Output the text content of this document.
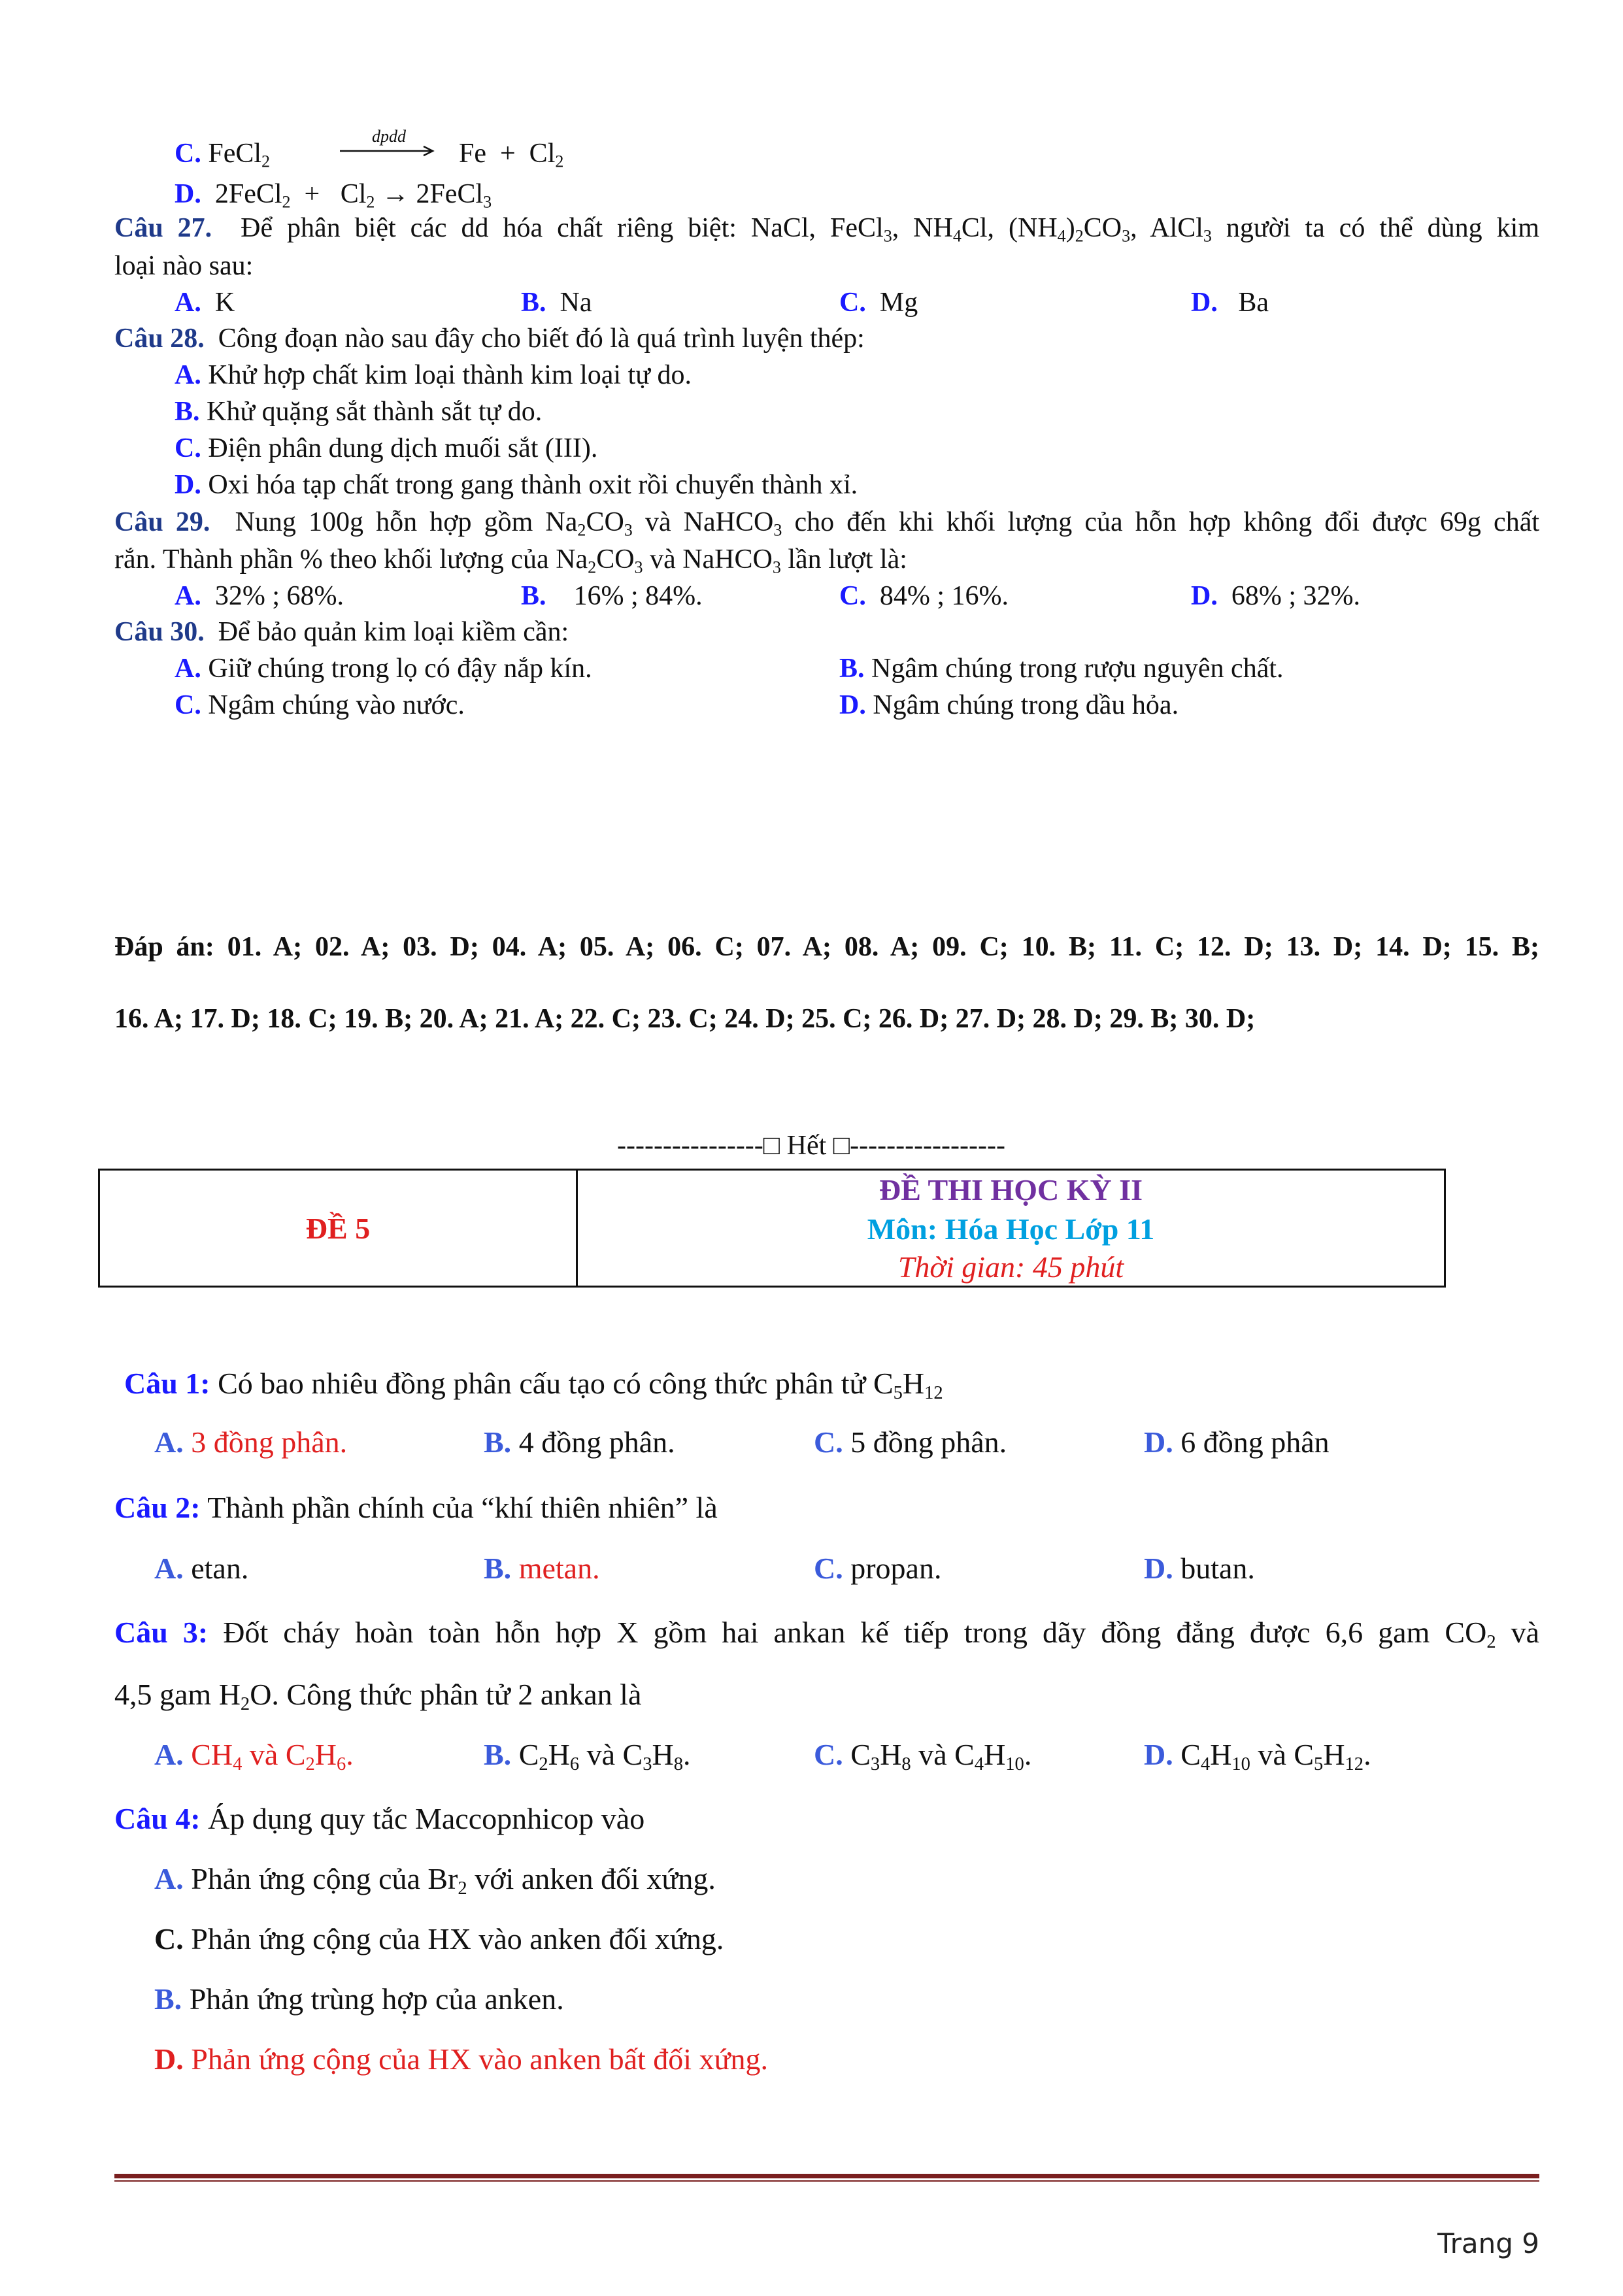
C. FeCl$_2$
dpdd
$Fe + Cl_2$
D. 2FeCl$_2$  +   $Cl_2$ → 2FeCl$_3$
Câu 27. Để phân biệt các dd hóa chất riêng biệt: NaCl, FeCl$_3$, $NH_4Cl$, $(NH_4)_2CO_3$, AlCl$_3$ người ta có thể dùng kim
loại nào sau:
A. K	B. Na	C. Mg	D. Ba
Câu 28. Công đoạn nào sau đây cho biết đó là quá trình luyện thép:
A. Khử hợp chất kim loại thành kim loại tự do.
B. Khử quặng sắt thành sắt tự do.
C. Điện phân dung dịch muối sắt (III).
D. Oxi hóa tạp chất trong gang thành oxit rồi chuyển thành xỉ.
Câu 29. Nung 100g hỗn hợp gồm $Na_2CO_3$ và NaHCO$_3$ cho đến khi khối lượng của hỗn hợp không đổi được 69g chất
rắn. Thành phần % theo khối lượng của $Na_2CO_3$ và NaHCO$_3$ lần lượt là:
A. 32% ; 68%.	B. 16% ; 84%.	C. 84% ; 16%.	D. 68% ; 32%.
Câu 30. Để bảo quản kim loại kiềm cần:
A. Giữ chúng trong lọ có đậy nắp kín.	B. Ngâm chúng trong rượu nguyên chất.
C. Ngâm chúng vào nước.	D. Ngâm chúng trong dầu hỏa.
Đáp án: 01. A; 02. A; 03. D; 04. A; 05. A; 06. C; 07. A; 08. A; 09. C; 10. B; 11. C; 12. D; 13. D; 14. D; 15. B;
16. A; 17. D; 18. C; 19. B; 20. A; 21. A; 22. C; 23. C; 24. D; 25. C; 26. D; 27. D; 28. D; 29. B; 30. D;
----------------□ Hết □-----------------
ĐỀ 5	
ĐỀ THI HỌC KỲ II
Môn: Hóa Học Lớp 11
Thời gian: 45 phút
Câu 1: Có bao nhiêu đồng phân cấu tạo có công thức phân tử $C_5H_{12}$
A. 3 đồng phân.	B. 4 đồng phân.	C. 5 đồng phân.	D. 6 đồng phân
Câu 2: Thành phần chính của “khí thiên nhiên” là
A. etan.	B. metan.	C. propan.	D. butan.
Câu 3: Đốt cháy hoàn toàn hỗn hợp X gồm hai ankan kế tiếp trong dãy đồng đẳng được 6,6 gam $CO_2$ và
4,5 gam $H_2O$. Công thức phân tử 2 ankan là
A. $CH_4$ và $C_2H_6$.	B. $C_2H_6$ và $C_3H_8$.	C. $C_3H_8$ và $C_4H_{10}$.	D. $C_4H_{10}$ và $C_5H_{12}$.
Câu 4: Áp dụng quy tắc Maccopnhicop vào
A. Phản ứng cộng của $Br_2$ với anken đối xứng.
C. Phản ứng cộng của HX vào anken đối xứng.
B. Phản ứng trùng hợp của anken.
D. Phản ứng cộng của HX vào anken bất đối xứng.
Trang 9
